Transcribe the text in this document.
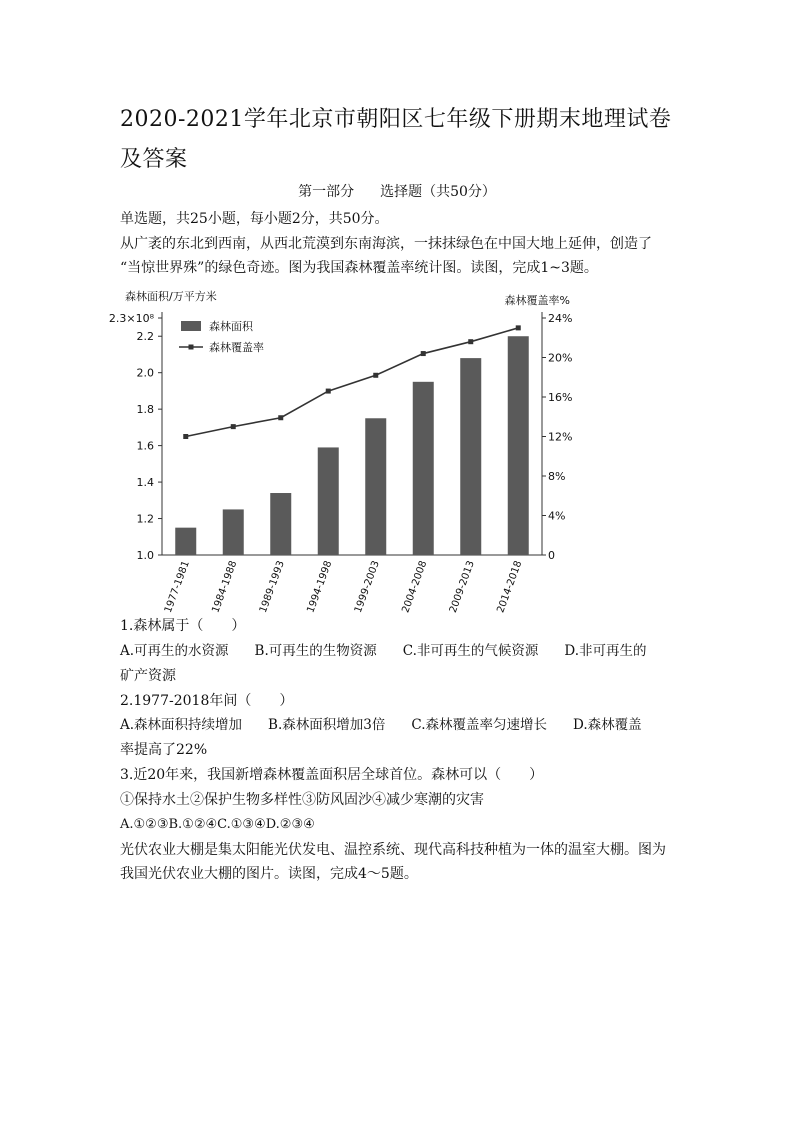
2020-2021学年北京市朝阳区七年级下册期末地理试卷及答案
第一部分 选择题（共50分）
单选题，共25小题，每小题2分，共50分。
从广袤的东北到西南，从西北荒漠到东南海滨，一抹抹绿色在中国大地上延伸，创造了
“当惊世界殊”的绿色奇迹。图为我国森林覆盖率统计图。读图，完成1~3题。
森林面积/万平方米	森林覆盖率%
1.0
1.2
1.4
1.6
1.8
2.0
2.2
2.3×10⁸
0
4%
8%
12%
16%
20%
24%
1977-1981 1984-1988 1989-1993 1994-1998 1999-2003 2004-2008 2009-2013 2014-2018
森林面积
森林覆盖率
1.森林属于（　　）
A.可再生的水资源 B.可再生的生物资源 C.非可再生的气候资源 D.非可再生的
矿产资源
2.1977-2018年间（　　）
A.森林面积持续增加 B.森林面积增加3倍 C.森林覆盖率匀速增长 D.森林覆盖
率提高了22%
3.近20年来，我国新增森林覆盖面积居全球首位。森林可以（　　）
①保持水土②保护生物多样性③防风固沙④减少寒潮的灾害
A.①②③B.①②④C.①③④D.②③④
光伏农业大棚是集太阳能光伏发电、温控系统、现代高科技种植为一体的温室大棚。图为
我国光伏农业大棚的图片。读图，完成4～5题。
